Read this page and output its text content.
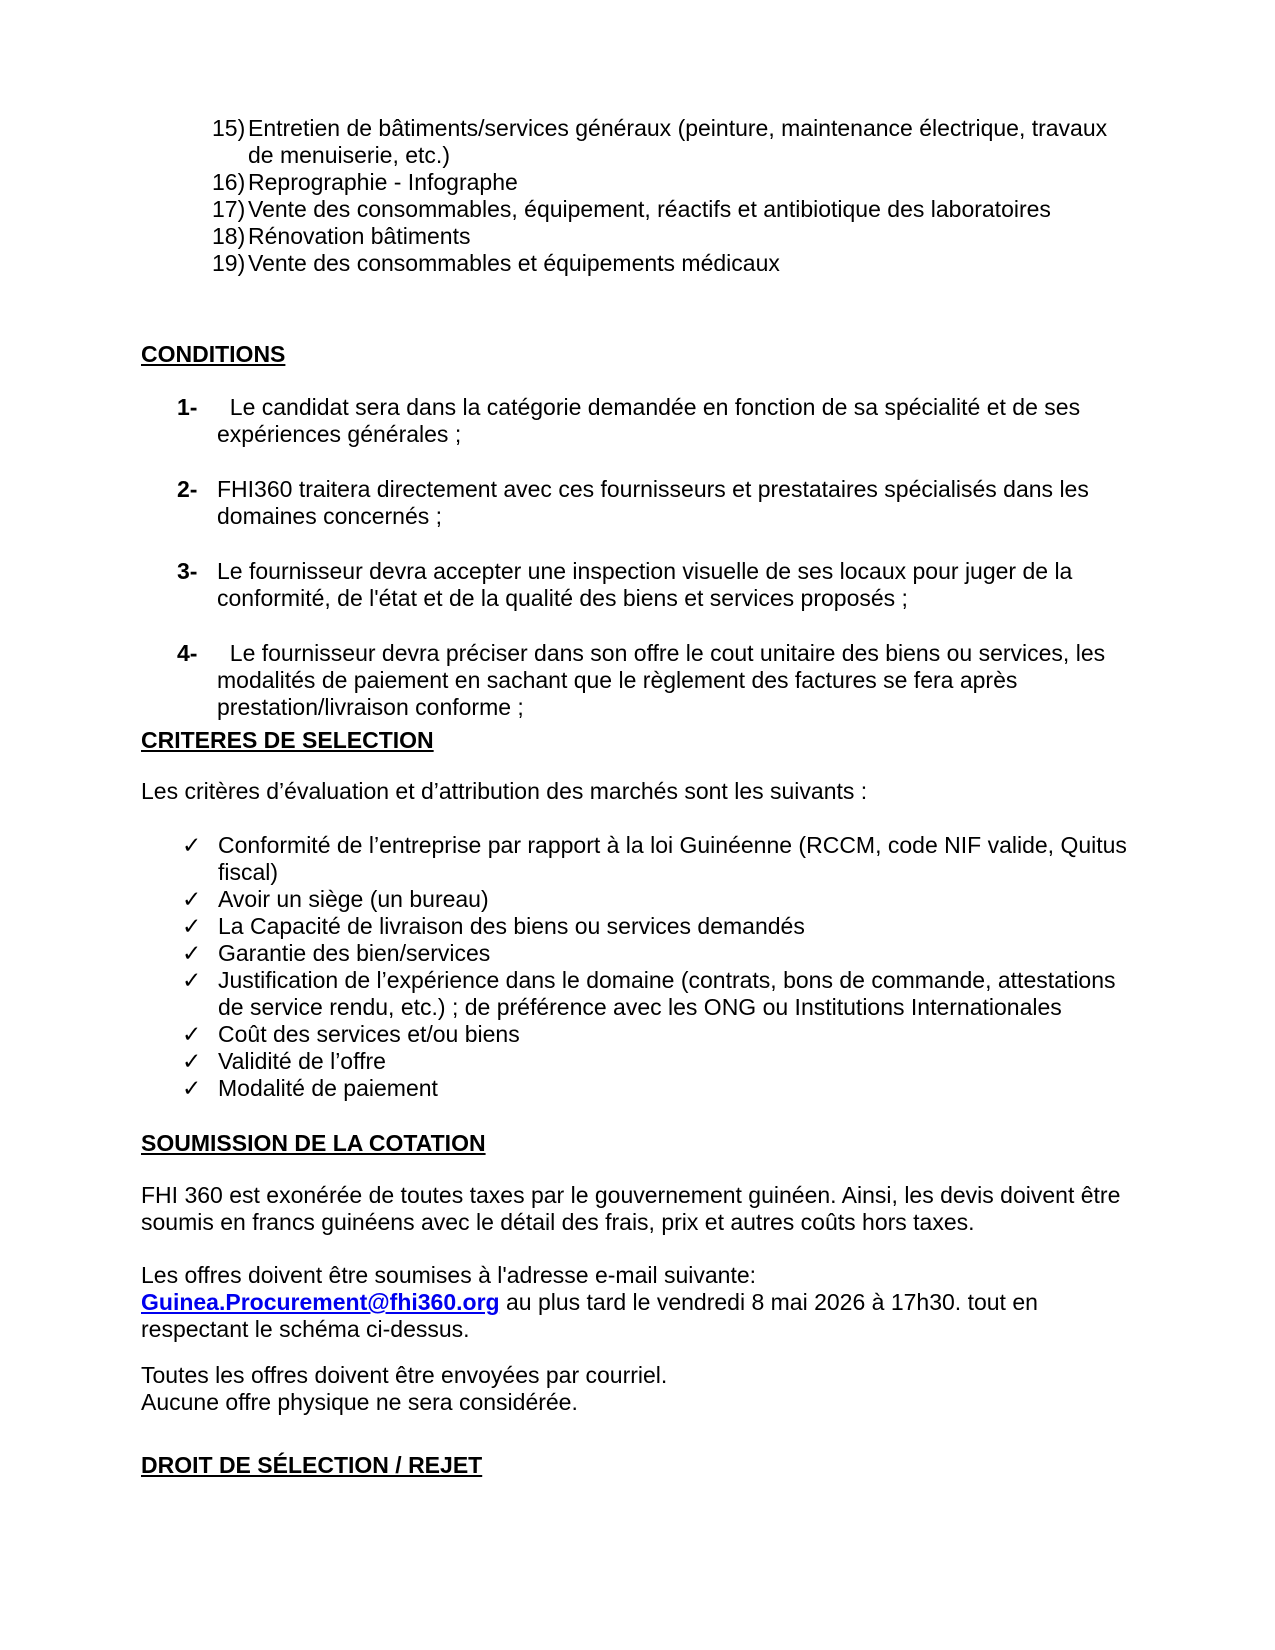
15) Entretien de bâtiments/services généraux (peinture, maintenance électrique, travaux de menuiserie, etc.)
16) Reprographie - Infographe
17) Vente des consommables, équipement, réactifs et antibiotique des laboratoires
18) Rénovation bâtiments
19) Vente des consommables et équipements médicaux
CONDITIONS
1- Le candidat sera dans la catégorie demandée en fonction de sa spécialité et de ses expériences générales ;
2- FHI360 traitera directement avec ces fournisseurs et prestataires spécialisés dans les domaines concernés ;
3- Le fournisseur devra accepter une inspection visuelle de ses locaux pour juger de la conformité, de l'état et de la qualité des biens et services proposés ;
4- Le fournisseur devra préciser dans son offre le cout unitaire des biens ou services, les modalités de paiement en sachant que le règlement des factures se fera après prestation/livraison conforme ;
CRITERES DE SELECTION

Les critères d’évaluation et d’attribution des marchés sont les suivants :

✓ Conformité de l’entreprise par rapport à la loi Guinéenne (RCCM, code NIF valide, Quitus fiscal)
✓ Avoir un siège (un bureau)
✓ La Capacité de livraison des biens ou services demandés
✓ Garantie des bien/services
✓ Justification de l’expérience dans le domaine (contrats, bons de commande, attestations de service rendu, etc.) ; de préférence avec les ONG ou Institutions Internationales
✓ Coût des services et/ou biens
✓ Validité de l’offre
✓ Modalité de paiement
SOUMISSION DE LA COTATION

FHI 360 est exonérée de toutes taxes par le gouvernement guinéen. Ainsi, les devis doivent être soumis en francs guinéens avec le détail des frais, prix et autres coûts hors taxes.

Les offres doivent être soumises à l'adresse e-mail suivante:
Guinea.Procurement@fhi360.org au plus tard le vendredi 8 mai 2026 à 17h30. tout en respectant le schéma ci-dessus.

Toutes les offres doivent être envoyées par courriel.
Aucune offre physique ne sera considérée.

DROIT DE SÉLECTION / REJET
